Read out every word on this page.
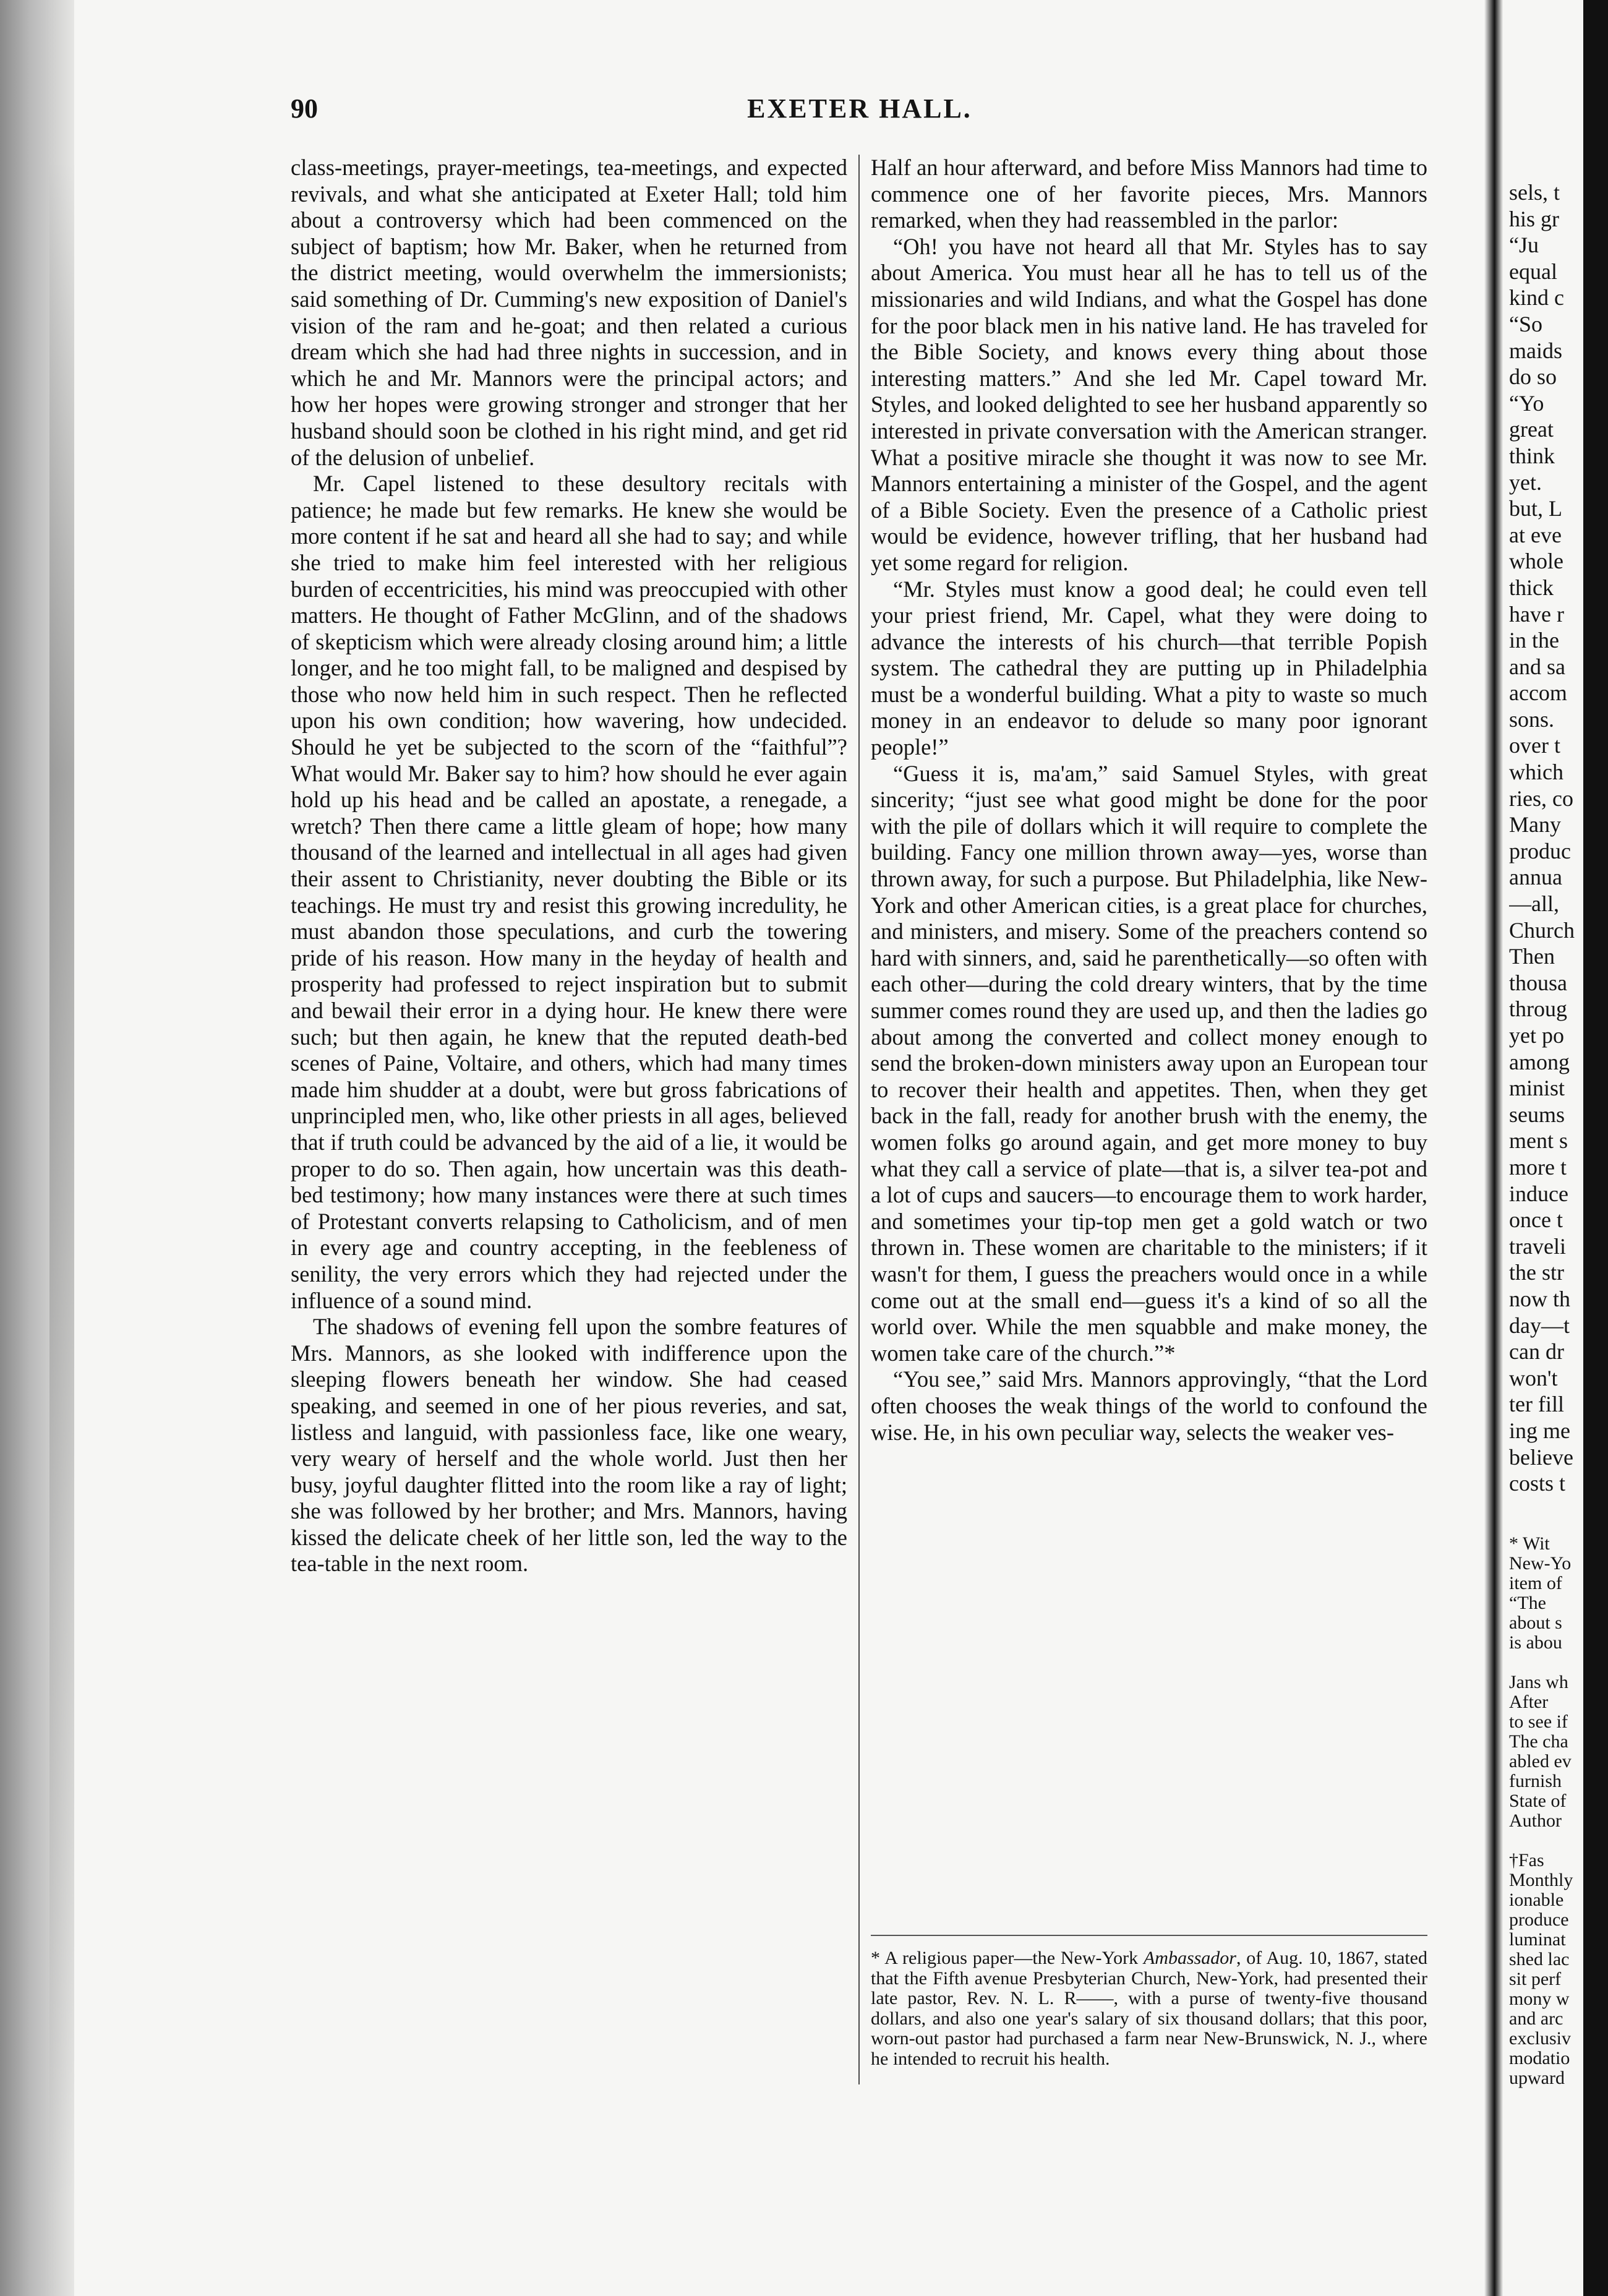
EXETER HALL.
90

class-meetings, prayer-meetings, tea-meetings, and expected revivals, and what she anticipated at Exeter Hall; told him about a controversy which had been commenced on the subject of baptism; how Mr. Baker, when he returned from the district meeting, would overwhelm the immersionists; said something of Dr. Cumming's new exposition of Daniel's vision of the ram and he-goat; and then related a curious dream which she had had three nights in succession, and in which he and Mr. Mannors were the principal actors; and how her hopes were growing stronger and stronger that her husband should soon be clothed in his right mind, and get rid of the delusion of unbelief.

Mr. Capel listened to these desultory recitals with patience; he made but few remarks. He knew she would be more content if he sat and heard all she had to say; and while she tried to make him feel interested with her religious burden of eccentricities, his mind was preoccupied with other matters. He thought of Father McGlinn, and of the shadows of skepticism which were already closing around him; a little longer, and he too might fall, to be maligned and despised by those who now held him in such respect. Then he reflected upon his own condition; how wavering, how undecided. Should he yet be subjected to the scorn of the “faithful”? What would Mr. Baker say to him? how should he ever again hold up his head and be called an apostate, a renegade, a wretch? Then there came a little gleam of hope; how many thousand of the learned and intellectual in all ages had given their assent to Christianity, never doubting the Bible or its teachings. He must try and resist this growing incredulity, he must abandon those speculations, and curb the towering pride of his reason. How many in the heyday of health and prosperity had professed to reject inspiration but to submit and bewail their error in a dying hour. He knew there were such; but then again, he knew that the reputed death-bed scenes of Paine, Voltaire, and others, which had many times made him shudder at a doubt, were but gross fabrications of unprincipled men, who, like other priests in all ages, believed that if truth could be advanced by the aid of a lie, it would be proper to do so. Then again, how uncertain was this death-bed testimony; how many instances were there at such times of Protestant converts relapsing to Catholicism, and of men in every age and country accepting, in the feebleness of senility, the very errors which they had rejected under the influence of a sound mind.

The shadows of evening fell upon the sombre features of Mrs. Mannors, as she looked with indifference upon the sleeping flowers beneath her window. She had ceased speaking, and seemed in one of her pious reveries, and sat, listless and languid, with passionless face, like one weary, very weary of herself and the whole world. Just then her busy, joyful daughter flitted into the room like a ray of light; she was followed by her brother; and Mrs. Mannors, having kissed the delicate cheek of her little son, led the way to the tea-table in the next room.

Half an hour afterward, and before Miss Mannors had time to commence one of her favorite pieces, Mrs. Mannors remarked, when they had reassembled in the parlor:

“Oh! you have not heard all that Mr. Styles has to say about America. You must hear all he has to tell us of the missionaries and wild Indians, and what the Gospel has done for the poor black men in his native land. He has traveled for the Bible Society, and knows every thing about those interesting matters.” And she led Mr. Capel toward Mr. Styles, and looked delighted to see her husband apparently so interested in private conversation with the American stranger. What a positive miracle she thought it was now to see Mr. Mannors entertaining a minister of the Gospel, and the agent of a Bible Society. Even the presence of a Catholic priest would be evidence, however trifling, that her husband had yet some regard for religion.

“Mr. Styles must know a good deal; he could even tell your priest friend, Mr. Capel, what they were doing to advance the interests of his church—that terrible Popish system. The cathedral they are putting up in Philadelphia must be a wonderful building. What a pity to waste so much money in an endeavor to delude so many poor ignorant people!”

“Guess it is, ma'am,” said Samuel Styles, with great sincerity; “just see what good might be done for the poor with the pile of dollars which it will require to complete the building. Fancy one million thrown away—yes, worse than thrown away, for such a purpose. But Philadelphia, like New-York and other American cities, is a great place for churches, and ministers, and misery. Some of the preachers contend so hard with sinners, and, said he parenthetically—so often with each other—during the cold dreary winters, that by the time summer comes round they are used up, and then the ladies go about among the converted and collect money enough to send the broken-down ministers away upon an European tour to recover their health and appetites. Then, when they get back in the fall, ready for another brush with the enemy, the women folks go around again, and get more money to buy what they call a service of plate—that is, a silver tea-pot and a lot of cups and saucers—to encourage them to work harder, and sometimes your tip-top men get a gold watch or two thrown in. These women are charitable to the ministers; if it wasn't for them, I guess the preachers would once in a while come out at the small end—guess it's a kind of so all the world over. While the men squabble and make money, the women take care of the church.”*

“You see,” said Mrs. Mannors approvingly, “that the Lord often chooses the weak things of the world to confound the wise. He, in his own peculiar way, selects the weaker ves-

* A religious paper—the New-York Ambassador, of Aug. 10, 1867, stated that the Fifth avenue Presbyterian Church, New-York, had presented their late pastor, Rev. N. L. R——, with a purse of twenty-five thousand dollars, and also one year's salary of six thousand dollars; that this poor, worn-out pastor had purchased a farm near New-Brunswick, N. J., where he intended to recruit his health.
sels, t
his gr
“Ju
equal
kind c
“So
maids
do so
“Yo
great
think
yet.
but, L
at eve
whole
thick
have r
in the
and sa
accom
sons.
over t
which
ries, co
Many
produc
annua
—all,
Church
Then
thousa
throug
yet po
among
minist
seums
ment s
more t
induce
once t
traveli
the str
now th
day—t
can dr
won't
ter fill
ing me
believe
costs t
* Wit
New-Yo
item of
“The
about s
is abou

Jans wh
After
to see if
The cha
abled ev
furnish
State of
Author

†Fas
Monthly
ionable
produce
luminat
shed lac
sit perf
mony w
and arc
exclusiv
modatio
upward
